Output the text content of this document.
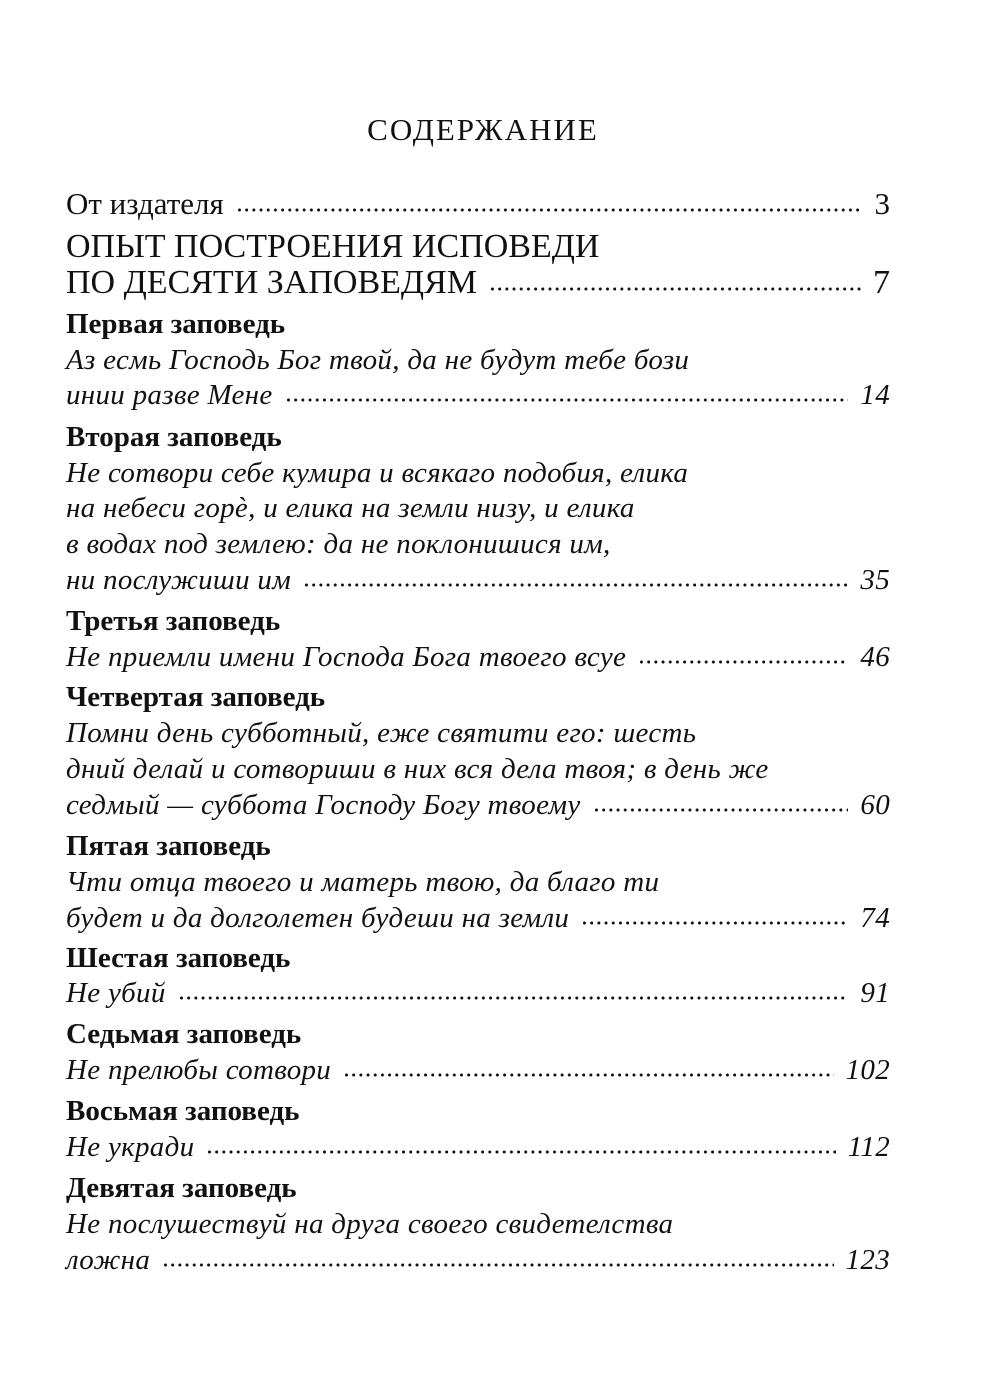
СОДЕРЖАНИЕ
От издателя	3
ОПЫТ ПОСТРОЕНИЯ ИСПОВЕДИ
ПО ДЕСЯТИ ЗАПОВЕДЯМ	7
Первая заповедь
Аз есмь Господь Бог твой, да не будут тебе бози
инии разве Мене	14
Вторая заповедь
Не сотвори себе кумира и всякаго подобия, елика
на небеси горѐ, и елика на земли низу, и елика
в водах под землею: да не поклонишися им,
ни послужиши им	35
Третья заповедь
Не приемли имени Господа Бога твоего всуе	46
Четвертая заповедь
Помни день субботный, еже святити его: шесть
дний делай и сотвориши в них вся дела твоя; в день же
седмый — суббота Господу Богу твоему	60
Пятая заповедь
Чти отца твоего и матерь твою, да благо ти
будет и да долголетен будеши на земли	74
Шестая заповедь
Не убий	91
Седьмая заповедь
Не прелюбы сотвори	102
Восьмая заповедь
Не укради	112
Девятая заповедь
Не послушествуй на друга своего свидетелства
ложна	123
